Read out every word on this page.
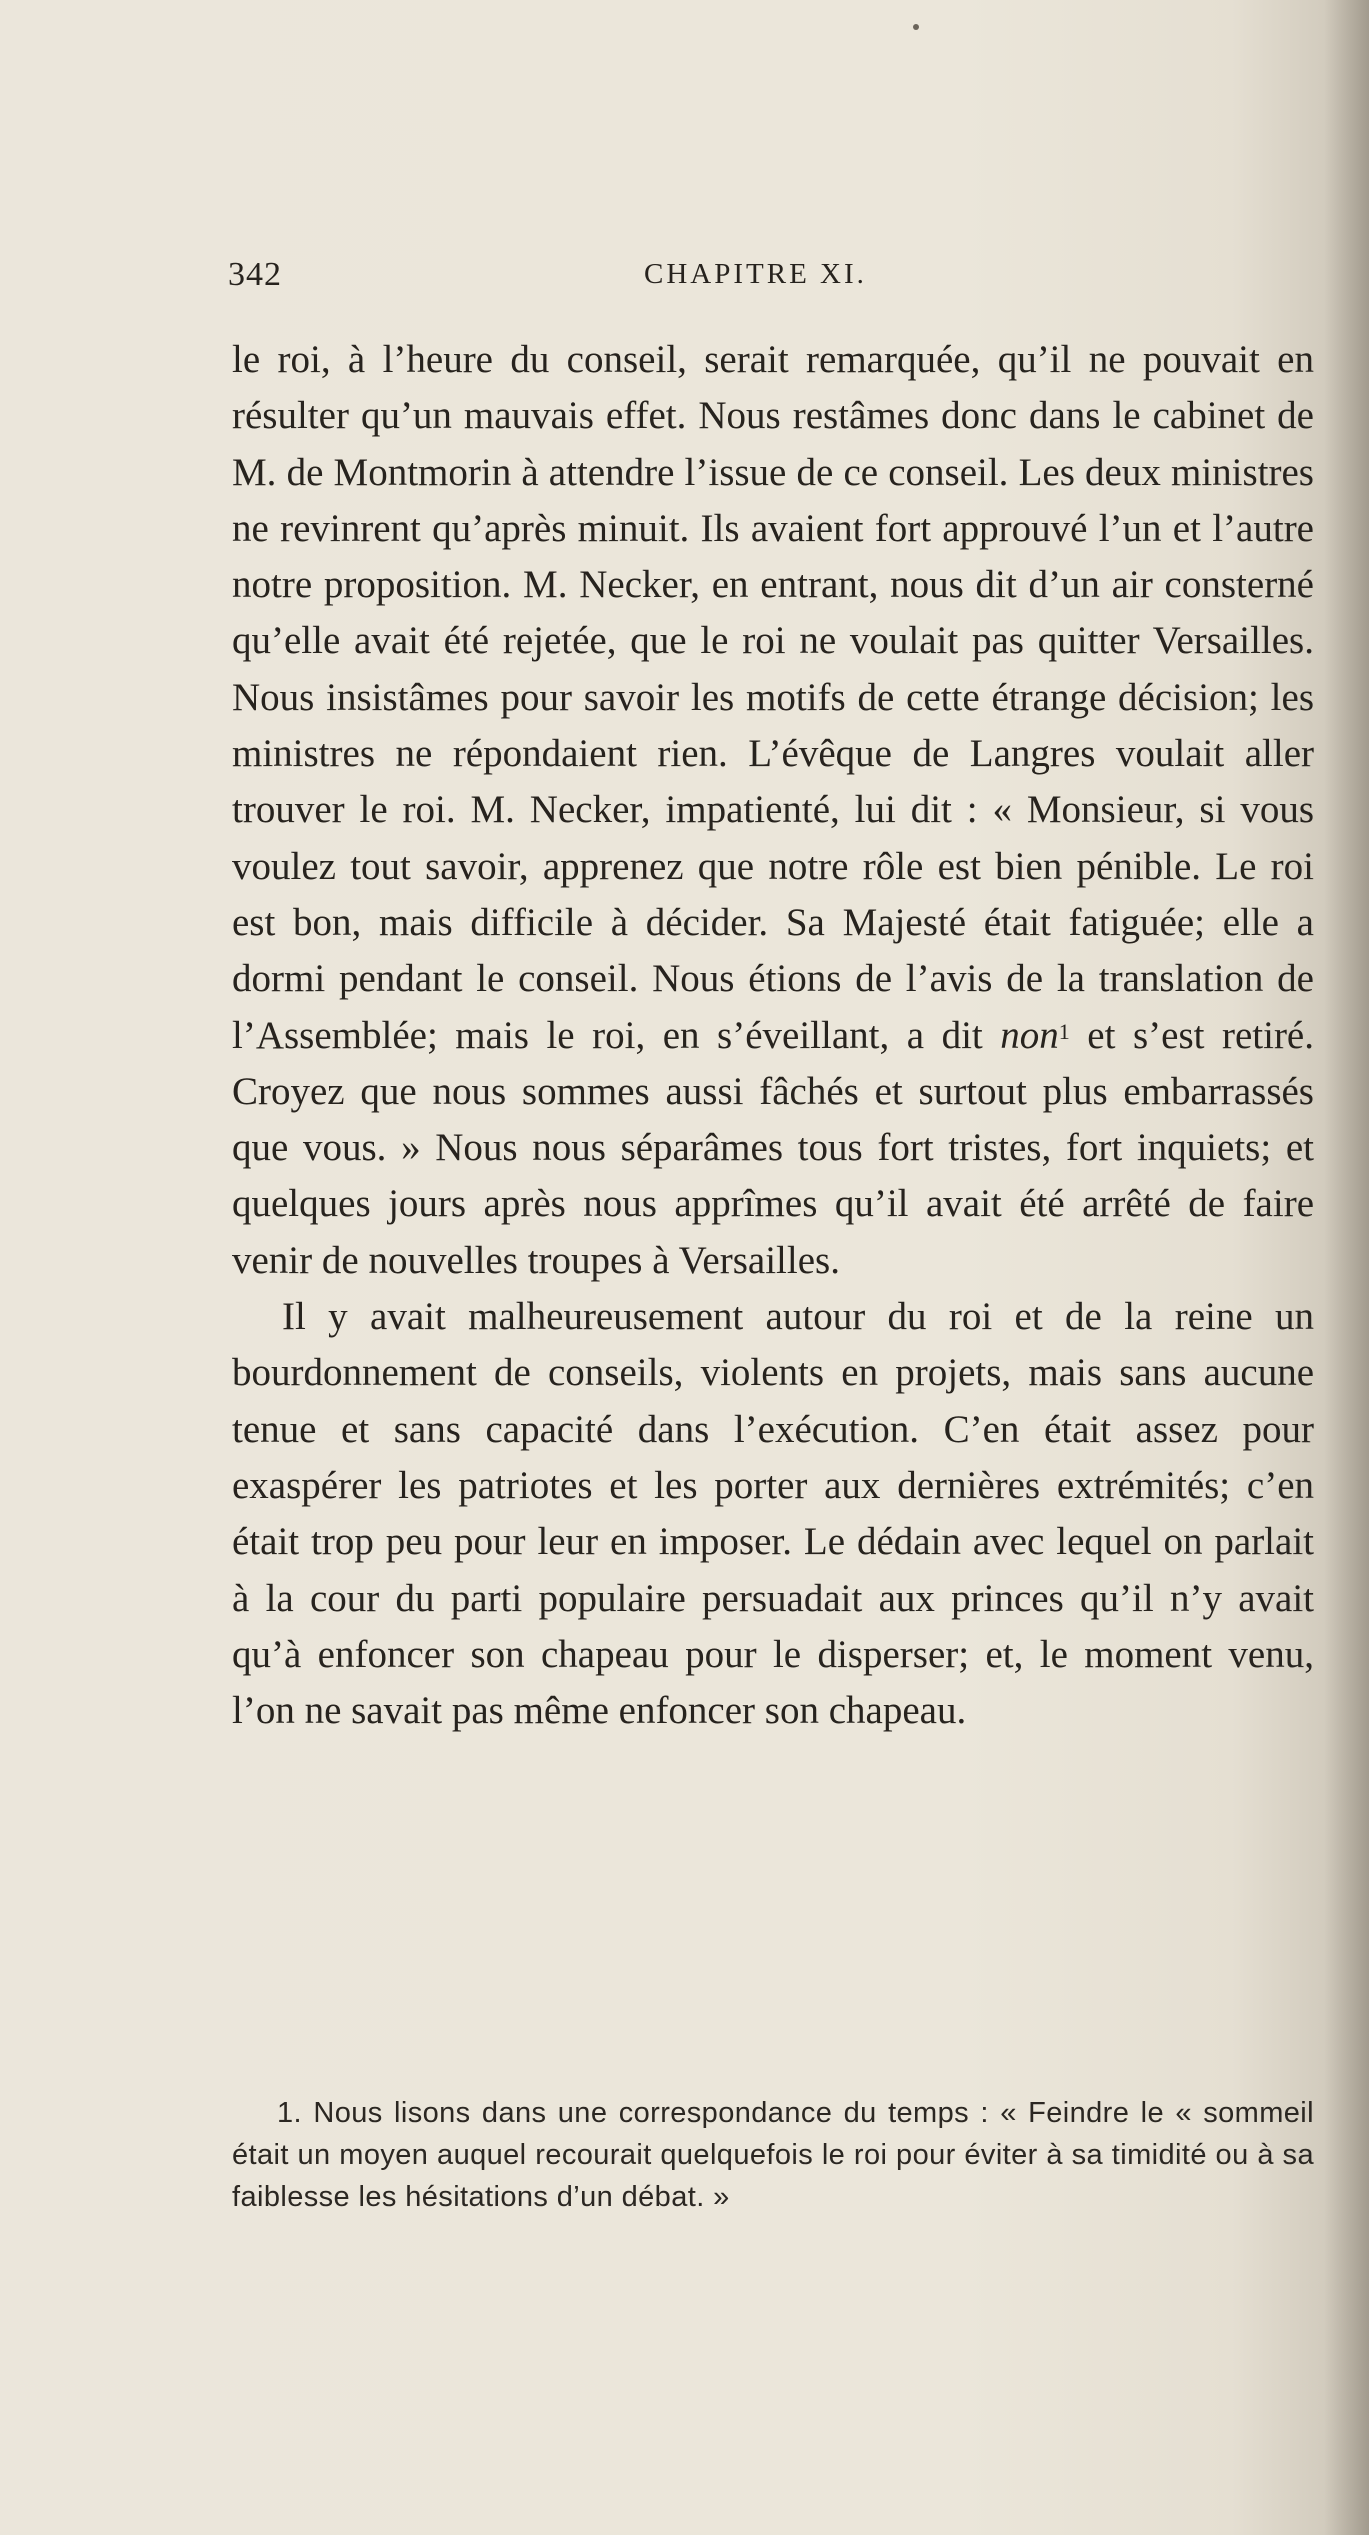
342	CHAPITRE XI.

le roi, à l’heure du conseil, serait remarquée, qu’il ne pouvait en résulter qu’un mauvais effet. Nous restâmes donc dans le cabinet de M. de Montmorin à attendre l’issue de ce conseil. Les deux ministres ne revinrent qu’après minuit. Ils avaient fort approuvé l’un et l’autre notre proposition. M. Necker, en entrant, nous dit d’un air consterné qu’elle avait été rejetée, que le roi ne voulait pas quitter Versailles. Nous insistâmes pour savoir les motifs de cette étrange décision; les ministres ne répondaient rien. L’évêque de Langres voulait aller trouver le roi. M. Necker, impatienté, lui dit : « Monsieur, si vous voulez tout savoir, apprenez que notre rôle est bien pénible. Le roi est bon, mais difficile à décider. Sa Majesté était fatiguée; elle a dormi pendant le conseil. Nous étions de l’avis de la translation de l’Assemblée; mais le roi, en s’éveillant, a dit non$^1$ et s’est retiré. Croyez que nous sommes aussi fâchés et surtout plus embarrassés que vous. » Nous nous séparâmes tous fort tristes, fort inquiets; et quelques jours après nous apprîmes qu’il avait été arrêté de faire venir de nouvelles troupes à Versailles.

Il y avait malheureusement autour du roi et de la reine un bourdonnement de conseils, violents en projets, mais sans aucune tenue et sans capacité dans l’exécution. C’en était assez pour exaspérer les patriotes et les porter aux dernières extrémités; c’en était trop peu pour leur en imposer. Le dédain avec lequel on parlait à la cour du parti populaire persuadait aux princes qu’il n’y avait qu’à enfoncer son chapeau pour le disperser; et, le moment venu, l’on ne savait pas même enfoncer son chapeau.

1. Nous lisons dans une correspondance du temps : « Feindre le « sommeil était un moyen auquel recourait quelquefois le roi pour éviter à sa timidité ou à sa faiblesse les hésitations d’un débat. »
